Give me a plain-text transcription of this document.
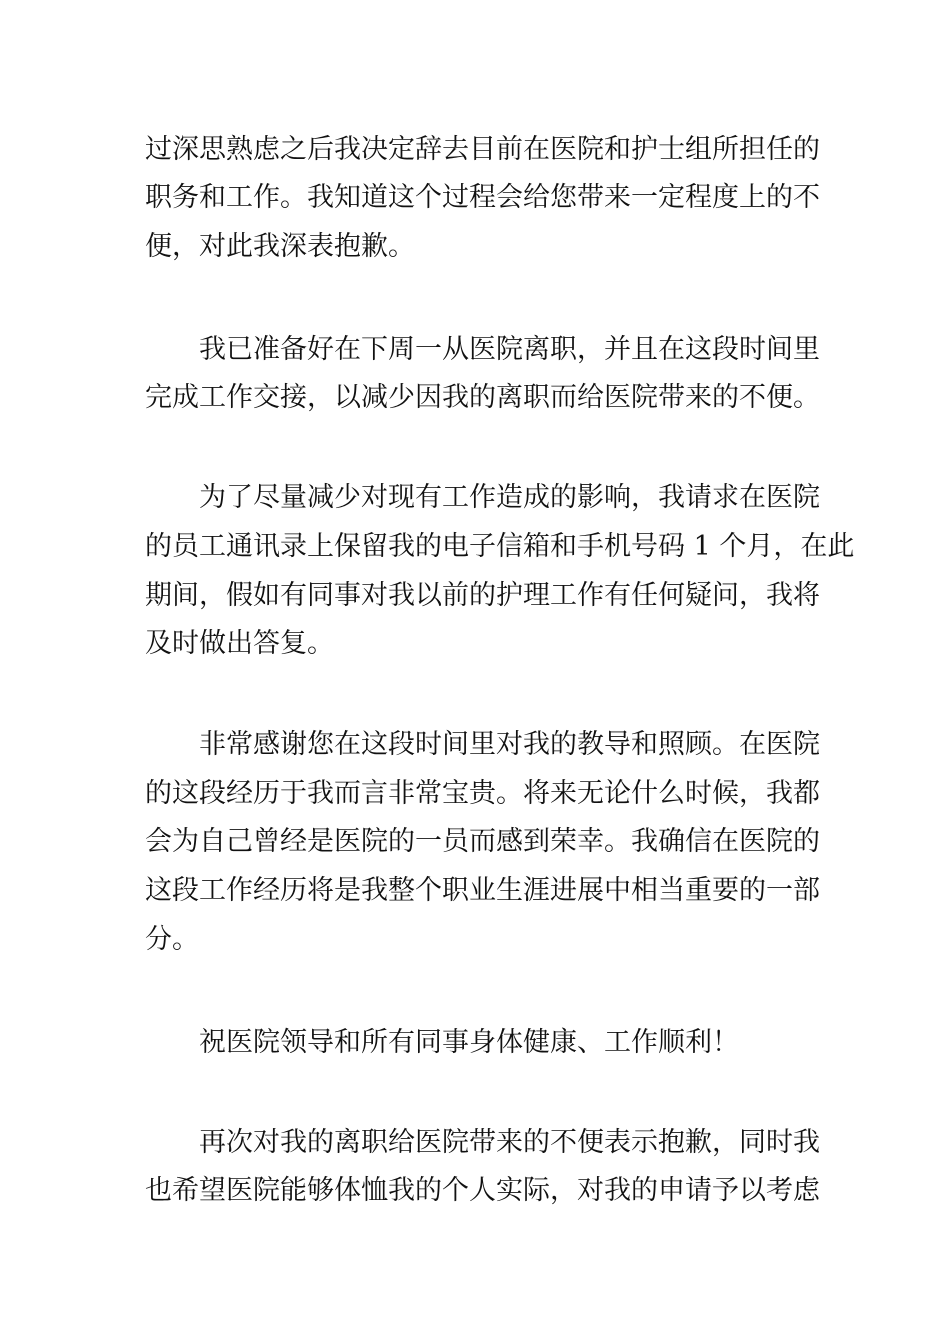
过深思熟虑之后我决定辞去目前在医院和护士组所担任的
职务和工作。我知道这个过程会给您带来一定程度上的不
便，对此我深表抱歉。
我已准备好在下周一从医院离职，并且在这段时间里
完成工作交接，以减少因我的离职而给医院带来的不便。
为了尽量减少对现有工作造成的影响，我请求在医院
的员工通讯录上保留我的电子信箱和手机号码 1 个月，在此
期间，假如有同事对我以前的护理工作有任何疑问，我将
及时做出答复。
非常感谢您在这段时间里对我的教导和照顾。在医院
的这段经历于我而言非常宝贵。将来无论什么时候，我都
会为自己曾经是医院的一员而感到荣幸。我确信在医院的
这段工作经历将是我整个职业生涯进展中相当重要的一部
分。
祝医院领导和所有同事身体健康、工作顺利！
再次对我的离职给医院带来的不便表示抱歉，同时我
也希望医院能够体恤我的个人实际，对我的申请予以考虑
